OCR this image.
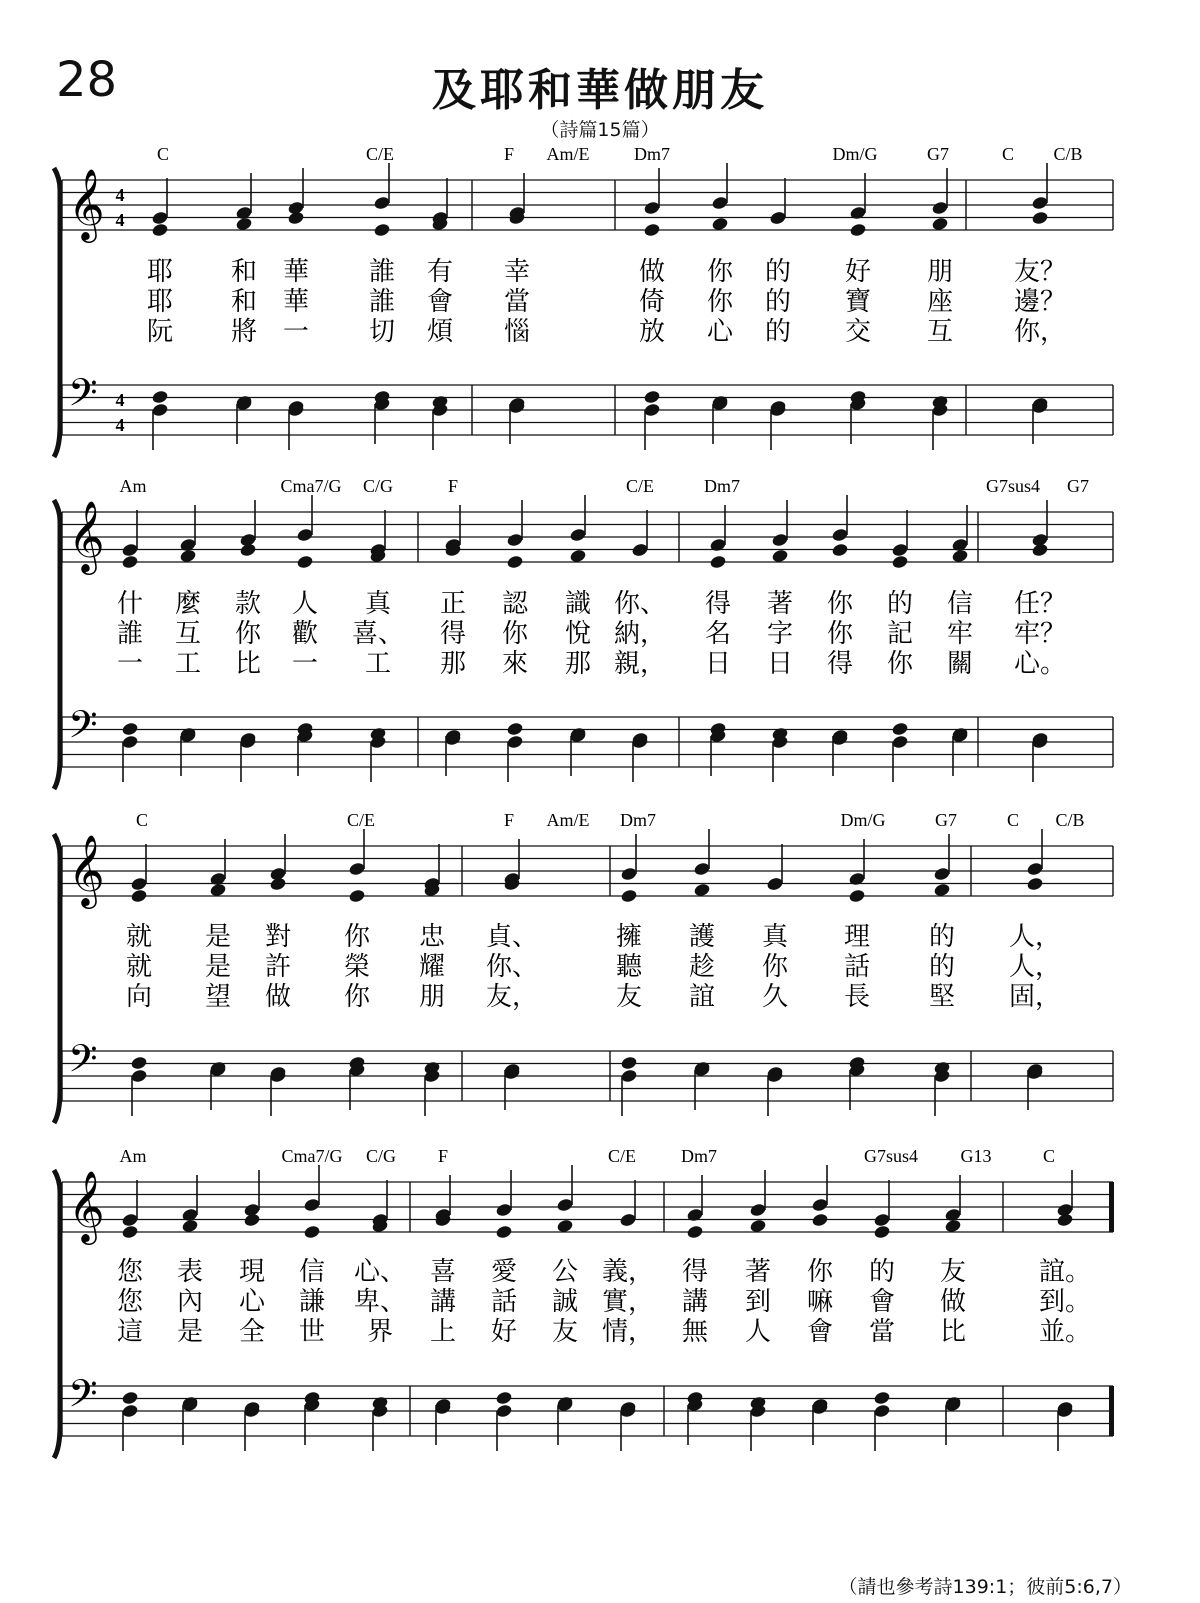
28	及耶和華做朋友
（詩篇15篇）
（請也參考詩139:1；彼前5:6,7）
𝄞 4
4
𝄢 4
4
C	C/E	F Am/E Dm7	Dm/G	G7	C C/B
耶 和 華 誰 有 幸	做 你 的 好 朋 友？
耶 和 華 誰 會 當	倚 你 的 寶 座 邊？
阮 將 一 切 煩 惱	放 心 的 交 互 你，
𝄞
𝄢
Am	Cma7/G C/G	F	C/E	Dm7	G7sus4 G7
什 麼 款 人 真 正 認 識 你、 得 著 你 的 信 任？
誰 互 你 歡 喜、 得 你 悅 納， 名 字 你 記 牢 牢？
一 工 比 一 工 那 來 那 親， 日 日 得 你 關 心。
𝄞
𝄢
C	C/E	F Am/E Dm7	Dm/G	G7	C C/B
就 是 對 你 忠 貞、	擁 護 真 理 的 人，
就 是 許 榮 耀 你、	聽 趁 你 話 的 人，
向 望 做 你 朋 友，	友 誼 久 長 堅 固，
𝄞
𝄢
Am	Cma7/G C/G F	C/E Dm7	G7sus4 G13	C
您 表 現 信 心、 喜 愛 公 義， 得 著 你 的 友	誼。
您 內 心 謙 卑、 講 話 誠 實， 講 到 嘛 會 做	到。
這 是 全 世 界 上 好 友 情， 無 人 會 當 比	並。
